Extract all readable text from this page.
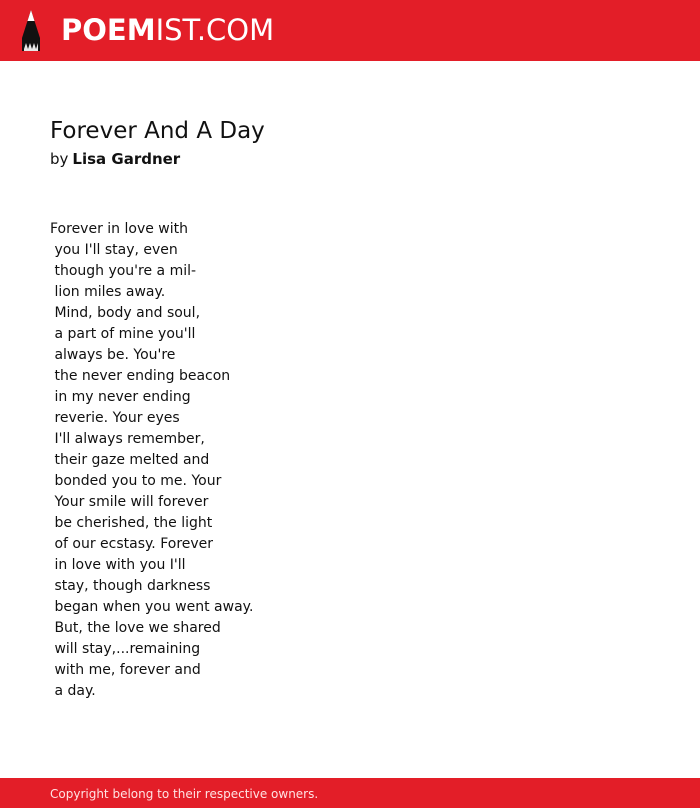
POEMIST.COM
Forever And A Day
by Lisa Gardner
Forever in love with
you I'll stay, even
though you're a mil-
lion miles away.
Mind, body and soul,
a part of mine you'll
always be. You're
the never ending beacon
in my never ending
reverie. Your eyes
I'll always remember,
their gaze melted and
bonded you to me. Your
Your smile will forever
be cherished, the light
of our ecstasy. Forever
in love with you I'll
stay, though darkness
began when you went away.
But, the love we shared
will stay,...remaining
with me, forever and
a day.
Copyright belong to their respective owners.
